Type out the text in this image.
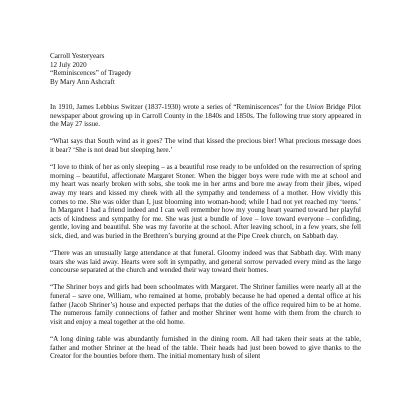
Carroll Yesteryears
12 July 2020
“Reminiscences” of Tragedy
By Mary Ann Ashcraft

In 1910, James Lebbius Switzer (1837-1930) wrote a series of “Reminiscences” for the Union Bridge Pilot newspaper about growing up in Carroll County in the 1840s and 1850s. The following true story appeared in the May 27 issue.

“What says that South wind as it goes? The wind that kissed the precious bier! What precious message does it bear? ‘She is not dead but sleeping here.’

“I love to think of her as only sleeping – as a beautiful rose ready to be unfolded on the resurrection of spring morning – beautiful, affectionate Margaret Stoner. When the bigger boys were rude with me at school and my heart was nearly broken with sobs, she took me in her arms and bore me away from their jibes, wiped away my tears and kissed my cheek with all the sympathy and tenderness of a mother. How vividly this comes to me. She was older than I, just blooming into woman-hood; while I had not yet reached my ‘teens.’ In Margaret I had a friend indeed and I can well remember how my young heart yearned toward her playful acts of kindness and sympathy for me. She was just a bundle of love – love toward everyone – confiding, gentle, loving and beautiful. She was my favorite at the school. After leaving school, in a few years, she fell sick, died, and was buried in the Brethren’s burying ground at the Pipe Creek church, on Sabbath day.

“There was an unusually large attendance at that funeral. Gloomy indeed was that Sabbath day. With many tears she was laid away. Hearts were soft in sympathy, and general sorrow pervaded every mind as the large concourse separated at the church and wended their way toward their homes.

“The Shriner boys and girls had been schoolmates with Margaret. The Shriner families were nearly all at the funeral – save one, William, who remained at home, probably because he had opened a dental office at his father (Jacob Shriner’s) house and expected perhaps that the duties of the office required him to be at home. The numerous family connections of father and mother Shriner went home with them from the church to visit and enjoy a meal together at the old home.

“A long dining table was abundantly furnished in the dining room. All had taken their seats at the table, father and mother Shriner at the head of the table. Their heads had just been bowed to give thanks to the Creator for the bounties before them. The initial momentary hush of silent
